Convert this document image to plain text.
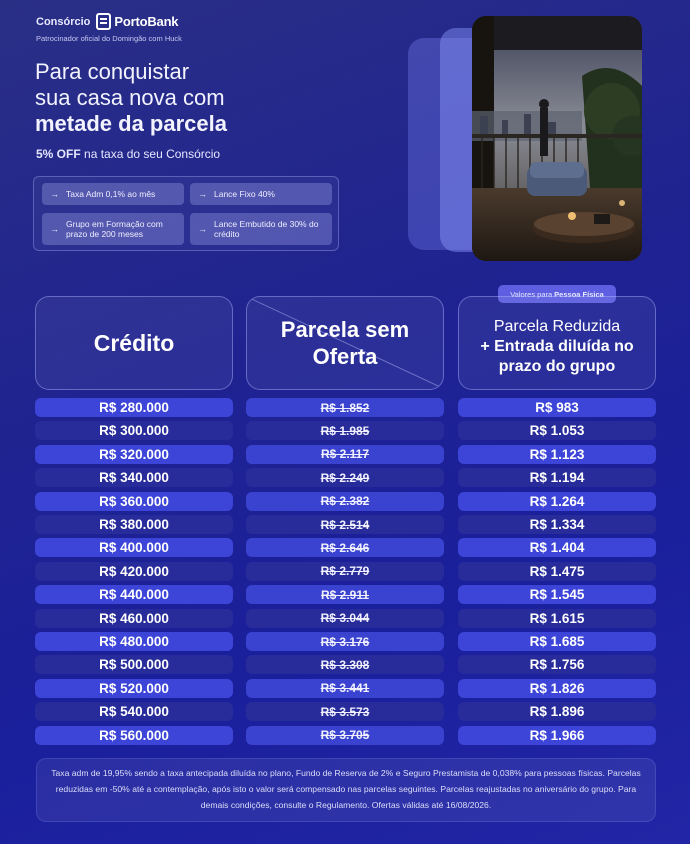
Consórcio PortoBank
Patrocinador oficial do Domingão com Huck
Para conquistar
sua casa nova com
metade da parcela
5% OFF na taxa do seu Consórcio
→ Taxa Adm 0,1% ao mês	→ Lance Fixo 40%
→ Grupo em Formação com prazo de 200 meses	→ Lance Embutido de 30% do crédito
Valores para Pessoa Física
Crédito	Parcela sem Oferta
Parcela Reduzida
+ Entrada diluída no prazo do grupo
R$ 280.000	R$ 1.852	R$ 983
R$ 300.000	R$ 1.985	R$ 1.053
R$ 320.000	R$ 2.117	R$ 1.123
R$ 340.000	R$ 2.249	R$ 1.194
R$ 360.000	R$ 2.382	R$ 1.264
R$ 380.000	R$ 2.514	R$ 1.334
R$ 400.000	R$ 2.646	R$ 1.404
R$ 420.000	R$ 2.779	R$ 1.475
R$ 440.000	R$ 2.911	R$ 1.545
R$ 460.000	R$ 3.044	R$ 1.615
R$ 480.000	R$ 3.176	R$ 1.685
R$ 500.000	R$ 3.308	R$ 1.756
R$ 520.000	R$ 3.441	R$ 1.826
R$ 540.000	R$ 3.573	R$ 1.896
R$ 560.000	R$ 3.705	R$ 1.966
Taxa adm de 19,95% sendo a taxa antecipada diluída no plano, Fundo de Reserva de 2% e Seguro Prestamista de 0,038% para pessoas físicas. Parcelas reduzidas em -50% até a contemplação, após isto o valor será compensado nas parcelas seguintes. Parcelas reajustadas no aniversário do grupo. Para demais condições, consulte o Regulamento. Ofertas válidas até 16/08/2026.
